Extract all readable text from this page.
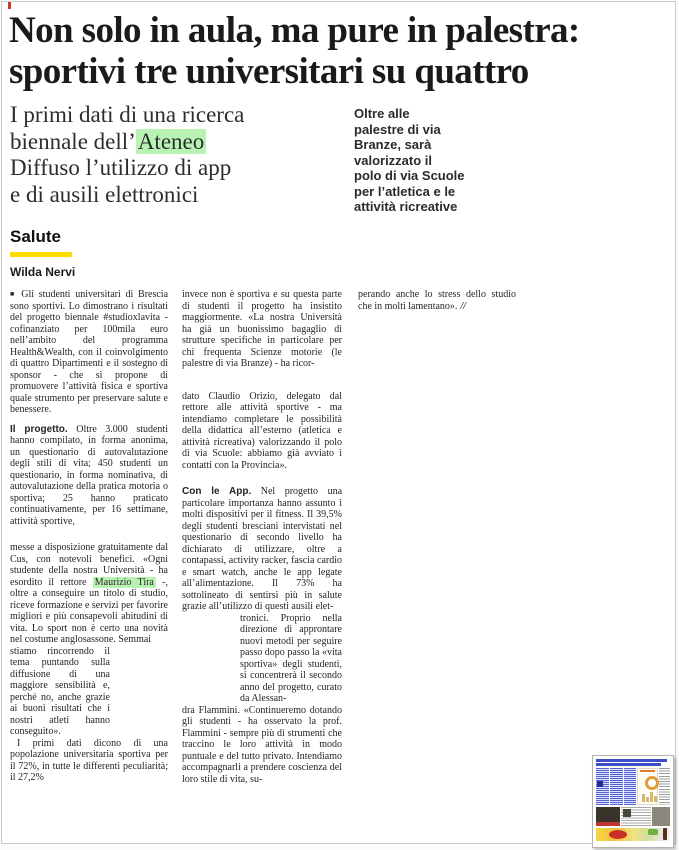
Non solo in aula, ma pure in palestra:
sportivi tre universitari su quattro
I primi dati di una ricerca
biennale dell’Ateneo
Diffuso l’utilizzo di app
e di ausili elettronici
Oltre alle
palestre di via
Branze, sarà
valorizzato il
polo di via Scuole
per l’atletica e le
attività ricreative
Salute
Wilda Nervi

■ Gli studenti universitari di Brescia sono sportivi. Lo dimostrano i risultati del progetto biennale #studioxlavita - cofinanziato per 100mila euro nell’ambito del programma Health&Wealth, con il coinvolgimento di quattro Dipartimenti e il sostegno di sponsor - che si propone di promuovere l’attività fisica e sportiva quale strumento per preservare salute e benessere.

Il progetto. Oltre 3.000 studenti hanno compilato, in forma anonima, un questionario di autovalutazione degli stili di vita; 450 studenti un questionario, in forma nominativa, di autovalutazione della pratica motoria o sportiva; 25 hanno praticato continuativamente, per 16 settimane, attività sportive,

messe a disposizione gratuitamente dal Cus, con notevoli benefici. «Ogni studente della nostra Università - ha esordito il rettore Maurizio Tira -, oltre a conseguire un titolo di studio, riceve formazione e servizi per favorire migliori e più consapevoli abitudini di vita. Lo sport non è certo una novità nel costume anglosassone. Semmai

stiamo rincorrendo il tema puntando sulla diffusione di una maggiore sensibilità e, perché no, anche grazie ai buoni risultati che i nostri atleti hanno conseguito».

I primi dati dicono di una popolazione universitaria sportiva per il 72%, in tutte le differenti peculiarità; il 27,2%

invece non è sportiva e su questa parte di studenti il progetto ha insistito maggiormente. «La nostra Università ha già un buonissimo bagaglio di strutture specifiche in particolare per chi frequenta Scienze motorie (le palestre di via Branze) - ha ricor-

dato Claudio Orizio, delegato dal rettore alle attività sportive - ma intendiamo completare le possibilità della didattica all’esterno (atletica e attività ricreativa) valorizzando il polo di via Scuole: abbiamo già avviato i contatti con la Provincia».

Con le App. Nel progetto una particolare importanza hanno assunto i molti dispositivi per il fitness. Il 39,5% degli studenti bresciani intervistati nel questionario di secondo livello ha dichiarato di utilizzare, oltre a contapassi, activity racker, fascia cardio e smart watch, anche le app legate all’alimentazione. Il 73% ha sottolineato di sentirsi più in salute grazie all’utilizzo di questi ausili elet-

tronici. Proprio nella direzione di approntare nuovi metodi per seguire passo dopo passo la «vita sportiva» degli studenti, si concentrerà il secondo anno del progetto, curato da Alessan-

dra Flammini. «Continueremo dotando gli studenti - ha osservato la prof. Flammini - sempre più di strumenti che traccino le loro attività in modo puntuale e del tutto privato. Intendiamo accompagnarli a prendere coscienza del loro stile di vita, su-

perando anche lo stress dello studio che in molti lamentano». //
